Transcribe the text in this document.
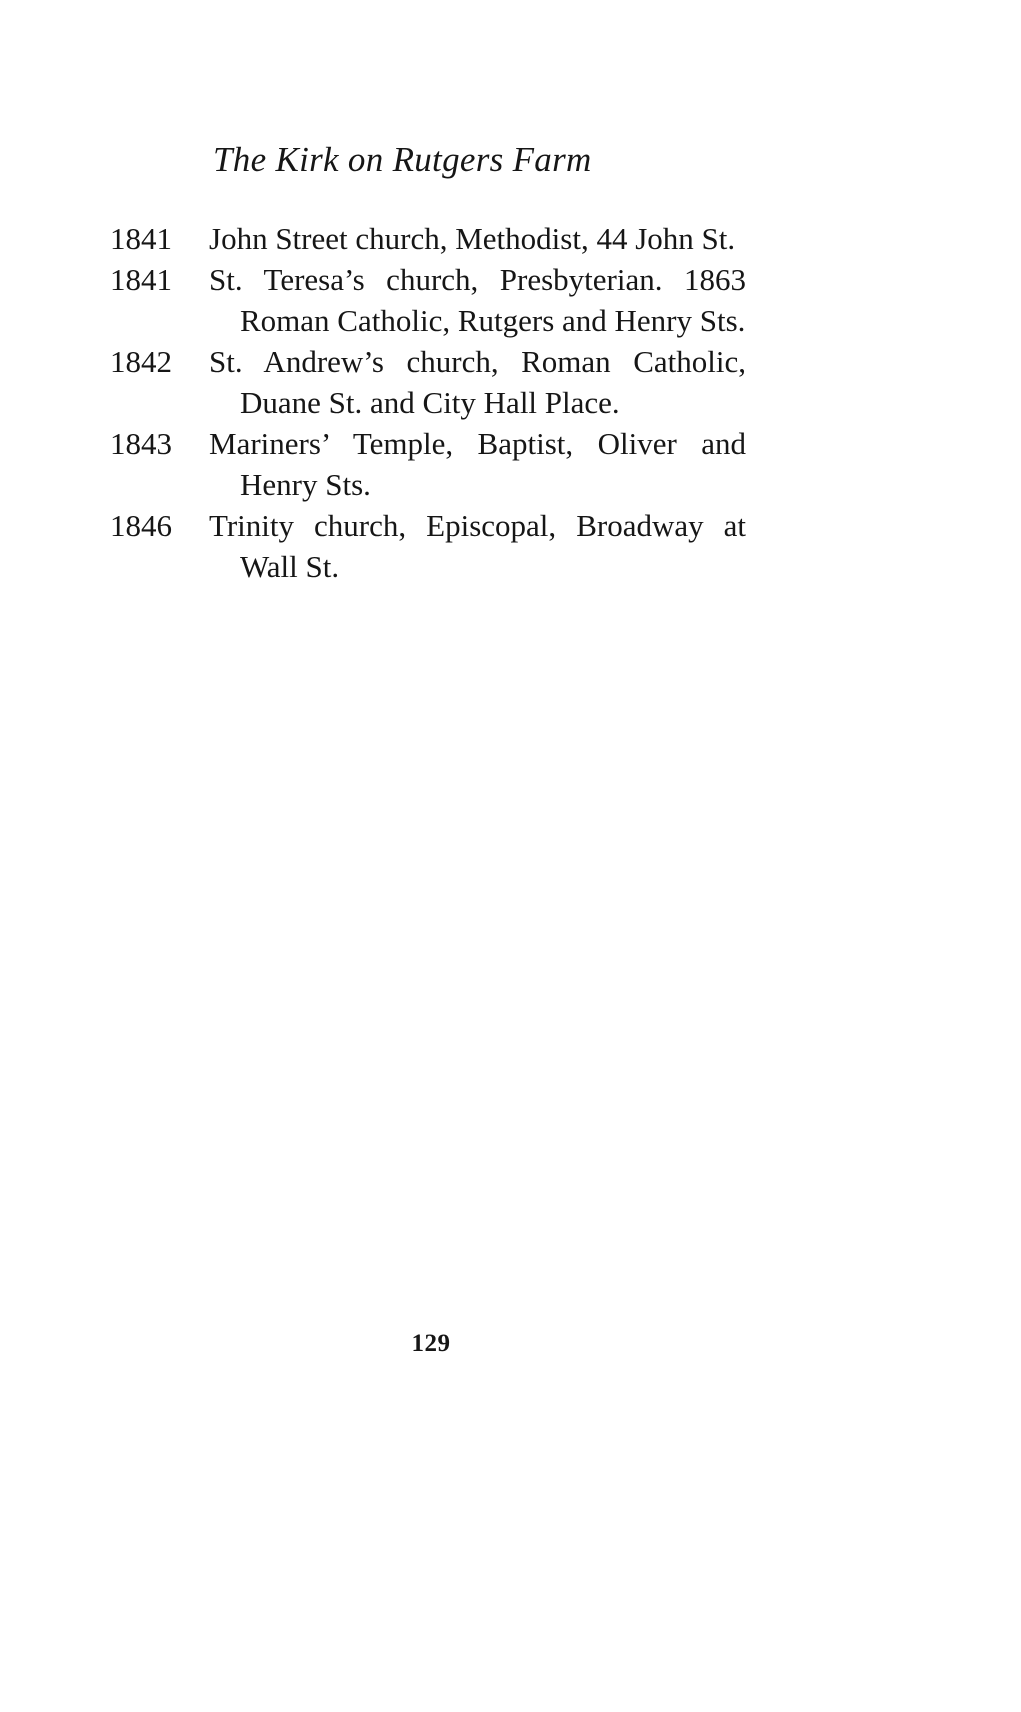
The Kirk on Rutgers Farm
1841	John Street church, Methodist, 44 John St.
1841	St. Teresa’s church, Presbyterian. 1863 Roman Catholic, Rutgers and Henry Sts.
1842	St. Andrew’s church, Roman Catholic, Duane St. and City Hall Place.
1843	Mariners’ Temple, Baptist, Oliver and Henry Sts.
1846	Trinity church, Episcopal, Broadway at Wall St.
129
